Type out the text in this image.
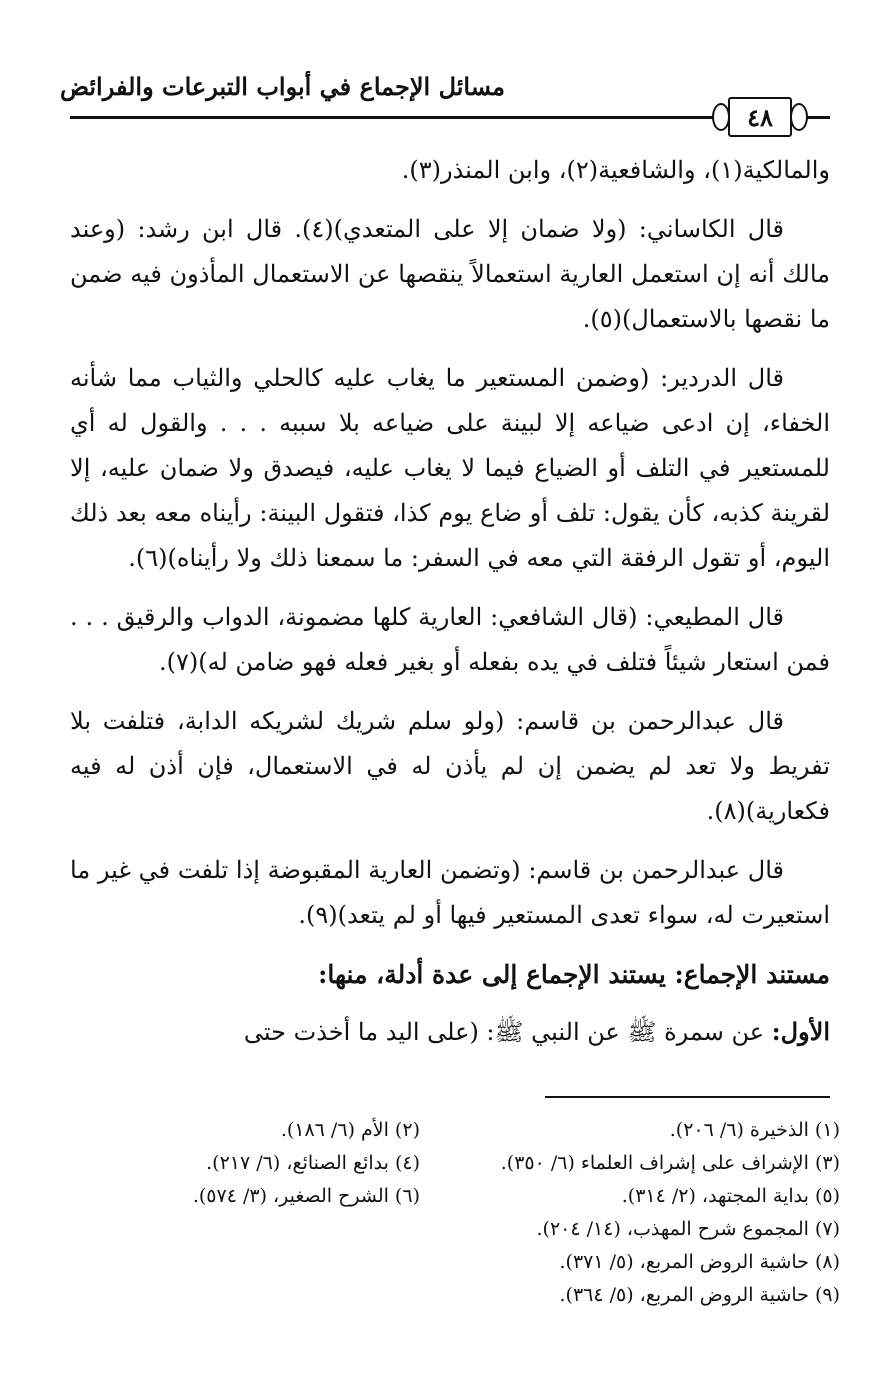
مسائل الإجماع في أبواب التبرعات والفرائض
٤٨

والمالكية(١)، والشافعية(٢)، وابن المنذر(٣).

قال الكاساني: (ولا ضمان إلا على المتعدي)(٤). قال ابن رشد: (وعند مالك أنه إن استعمل العارية استعمالاً ينقصها عن الاستعمال المأذون فيه ضمن ما نقصها بالاستعمال)(٥).

قال الدردير: (وضمن المستعير ما يغاب عليه كالحلي والثياب مما شأنه الخفاء، إن ادعى ضياعه إلا لبينة على ضياعه بلا سببه . . . والقول له أي للمستعير في التلف أو الضياع فيما لا يغاب عليه، فيصدق ولا ضمان عليه، إلا لقرينة كذبه، كأن يقول: تلف أو ضاع يوم كذا، فتقول البينة: رأيناه معه بعد ذلك اليوم، أو تقول الرفقة التي معه في السفر: ما سمعنا ذلك ولا رأيناه)(٦).

قال المطيعي: (قال الشافعي: العارية كلها مضمونة، الدواب والرقيق . . . فمن استعار شيئاً فتلف في يده بفعله أو بغير فعله فهو ضامن له)(٧).

قال عبدالرحمن بن قاسم: (ولو سلم شريك لشريكه الدابة، فتلفت بلا تفريط ولا تعد لم يضمن إن لم يأذن له في الاستعمال، فإن أذن له فيه فكعارية)(٨).

قال عبدالرحمن بن قاسم: (وتضمن العارية المقبوضة إذا تلفت في غير ما استعيرت له، سواء تعدى المستعير فيها أو لم يتعد)(٩).

مستند الإجماع: يستند الإجماع إلى عدة أدلة، منها:

الأول: عن سمرة ﷺ عن النبي ﷺ: (على اليد ما أخذت حتى

(١) الذخيرة (٦/ ٢٠٦).
(٢) الأم (٦/ ١٨٦).
(٣) الإشراف على إشراف العلماء (٦/ ٣٥٠).
(٤) بدائع الصنائع، (٦/ ٢١٧).
(٥) بداية المجتهد، (٢/ ٣١٤).
(٦) الشرح الصغير، (٣/ ٥٧٤).
(٧) المجموع شرح المهذب، (١٤/ ٢٠٤).
(٨) حاشية الروض المربع، (٥/ ٣٧١).
(٩) حاشية الروض المربع، (٥/ ٣٦٤).
